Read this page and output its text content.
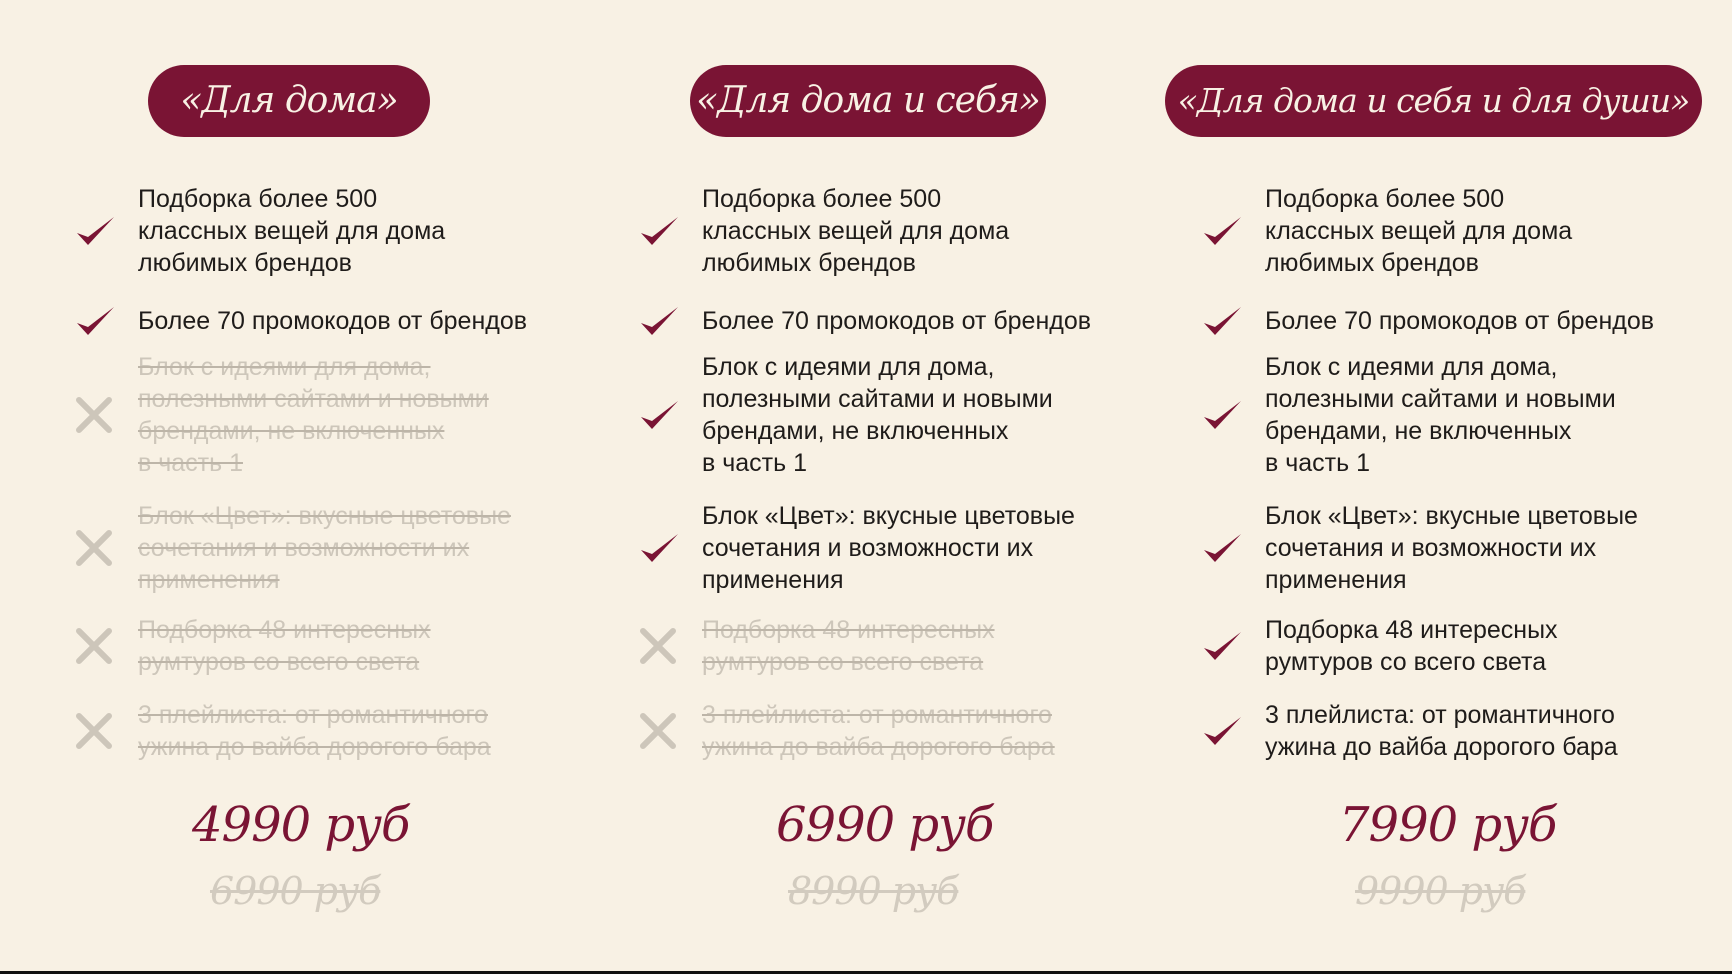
«Для дома»
Подборка более 500
классных вещей для дома
любимых брендов
Более 70 промокодов от брендов
Блок с идеями для дома,
полезными сайтами и новыми
брендами, не включенных
в часть 1
Блок «Цвет»: вкусные цветовые
сочетания и возможности их
применения
Подборка 48 интересных
румтуров со всего света
3 плейлиста: от романтичного
ужина до вайба дорогого бара
4990 руб
6990 руб
«Для дома и себя»
Подборка более 500
классных вещей для дома
любимых брендов
Более 70 промокодов от брендов
Блок с идеями для дома,
полезными сайтами и новыми
брендами, не включенных
в часть 1
Блок «Цвет»: вкусные цветовые
сочетания и возможности их
применения
Подборка 48 интересных
румтуров со всего света
3 плейлиста: от романтичного
ужина до вайба дорогого бара
6990 руб
8990 руб
«Для дома и себя и для души»
Подборка более 500
классных вещей для дома
любимых брендов
Более 70 промокодов от брендов
Блок с идеями для дома,
полезными сайтами и новыми
брендами, не включенных
в часть 1
Блок «Цвет»: вкусные цветовые
сочетания и возможности их
применения
Подборка 48 интересных
румтуров со всего света
3 плейлиста: от романтичного
ужина до вайба дорогого бара
7990 руб
9990 руб
